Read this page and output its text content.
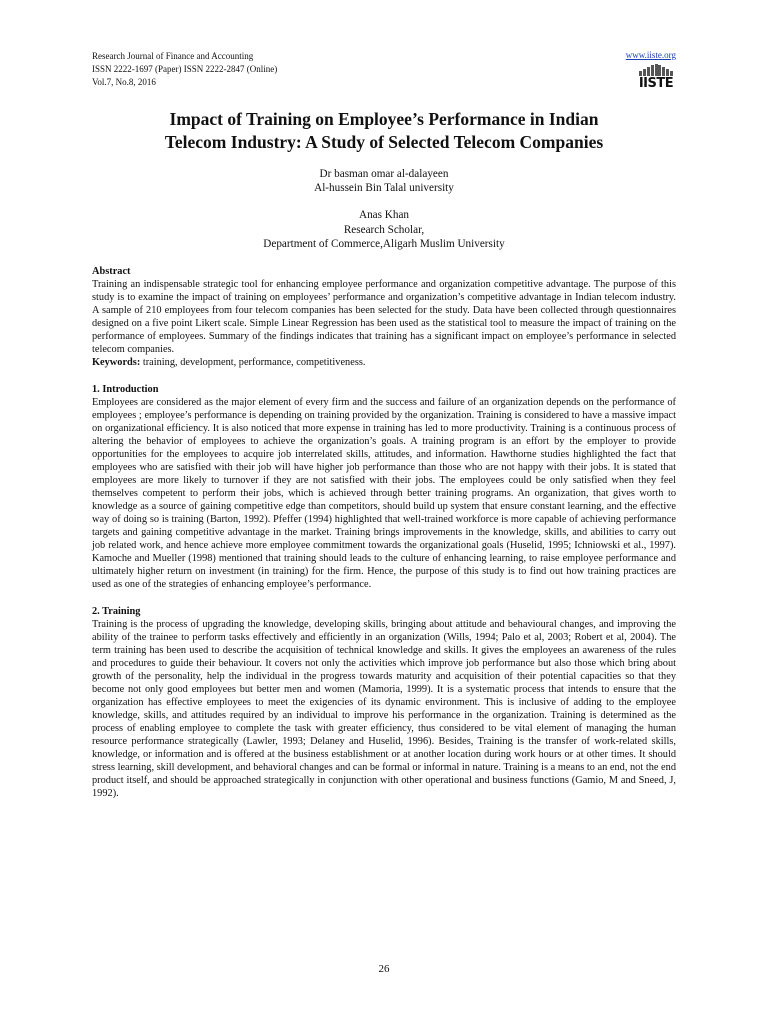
Research Journal of Finance and Accounting
ISSN 2222-1697 (Paper) ISSN 2222-2847 (Online)
Vol.7, No.8, 2016
www.iiste.org
IISTE
Impact of Training on Employee’s Performance in Indian
Telecom Industry: A Study of Selected Telecom Companies
Dr basman omar al-dalayeen
Al-hussein Bin Talal university
Anas Khan
Research Scholar,
Department of Commerce,Aligarh Muslim University

Abstract

Training an indispensable strategic tool for enhancing employee performance and organization competitive advantage. The purpose of this study is to examine the impact of training on employees’ performance and organization’s competitive advantage in Indian telecom industry. A sample of 210 employees from four telecom companies has been selected for the study. Data have been collected through questionnaires designed on a five point Likert scale. Simple Linear Regression has been used as the statistical tool to measure the impact of training on the performance of employees. Summary of the findings indicates that training has a significant impact on employee’s performance in selected telecom companies.

Keywords: training, development, performance, competitiveness.

1. Introduction

Employees are considered as the major element of every firm and the success and failure of an organization depends on the performance of employees ; employee’s performance is depending on training provided by the organization. Training is considered to have a massive impact on organizational efficiency. It is also noticed that more expense in training has led to more productivity. Training is a continuous process of altering the behavior of employees to achieve the organization’s goals. A training program is an effort by the employer to provide opportunities for the employees to acquire job interrelated skills, attitudes, and information. Hawthorne studies highlighted the fact that employees who are satisfied with their job will have higher job performance than those who are not happy with their jobs. It is stated that employees are more likely to turnover if they are not satisfied with their jobs. The employees could be only satisfied when they feel themselves competent to perform their jobs, which is achieved through better training programs. An organization, that gives worth to knowledge as a source of gaining competitive edge than competitors, should build up system that ensure constant learning, and the effective way of doing so is training (Barton, 1992). Pfeffer (1994) highlighted that well-trained workforce is more capable of achieving performance targets and gaining competitive advantage in the market. Training brings improvements in the knowledge, skills, and abilities to carry out job related work, and hence achieve more employee commitment towards the organizational goals (Huselid, 1995; Ichniowski et al., 1997). Kamoche and Mueller (1998) mentioned that training should leads to the culture of enhancing learning, to raise employee performance and ultimately higher return on investment (in training) for the firm. Hence, the purpose of this study is to find out how training practices are used as one of the strategies of enhancing employee’s performance.

2. Training

Training is the process of upgrading the knowledge, developing skills, bringing about attitude and behavioural changes, and improving the ability of the trainee to perform tasks effectively and efficiently in an organization (Wills, 1994; Palo et al, 2003; Robert et al, 2004). The term training has been used to describe the acquisition of technical knowledge and skills. It gives the employees an awareness of the rules and procedures to guide their behaviour. It covers not only the activities which improve job performance but also those which bring about growth of the personality, help the individual in the progress towards maturity and acquisition of their potential capacities so that they become not only good employees but better men and women (Mamoria, 1999). It is a systematic process that intends to ensure that the organization has effective employees to meet the exigencies of its dynamic environment. This is inclusive of adding to the employee knowledge, skills, and attitudes required by an individual to improve his performance in the organization. Training is determined as the process of enabling employee to complete the task with greater efficiency, thus considered to be vital element of managing the human resource performance strategically (Lawler, 1993; Delaney and Huselid, 1996). Besides, Training is the transfer of work-related skills, knowledge, or information and is offered at the business establishment or at another location during work hours or at other times. It should stress learning, skill development, and behavioral changes and can be formal or informal in nature. Training is a means to an end, not the end product itself, and should be approached strategically in conjunction with other operational and business functions (Gamio, M and Sneed, J, 1992).

26
